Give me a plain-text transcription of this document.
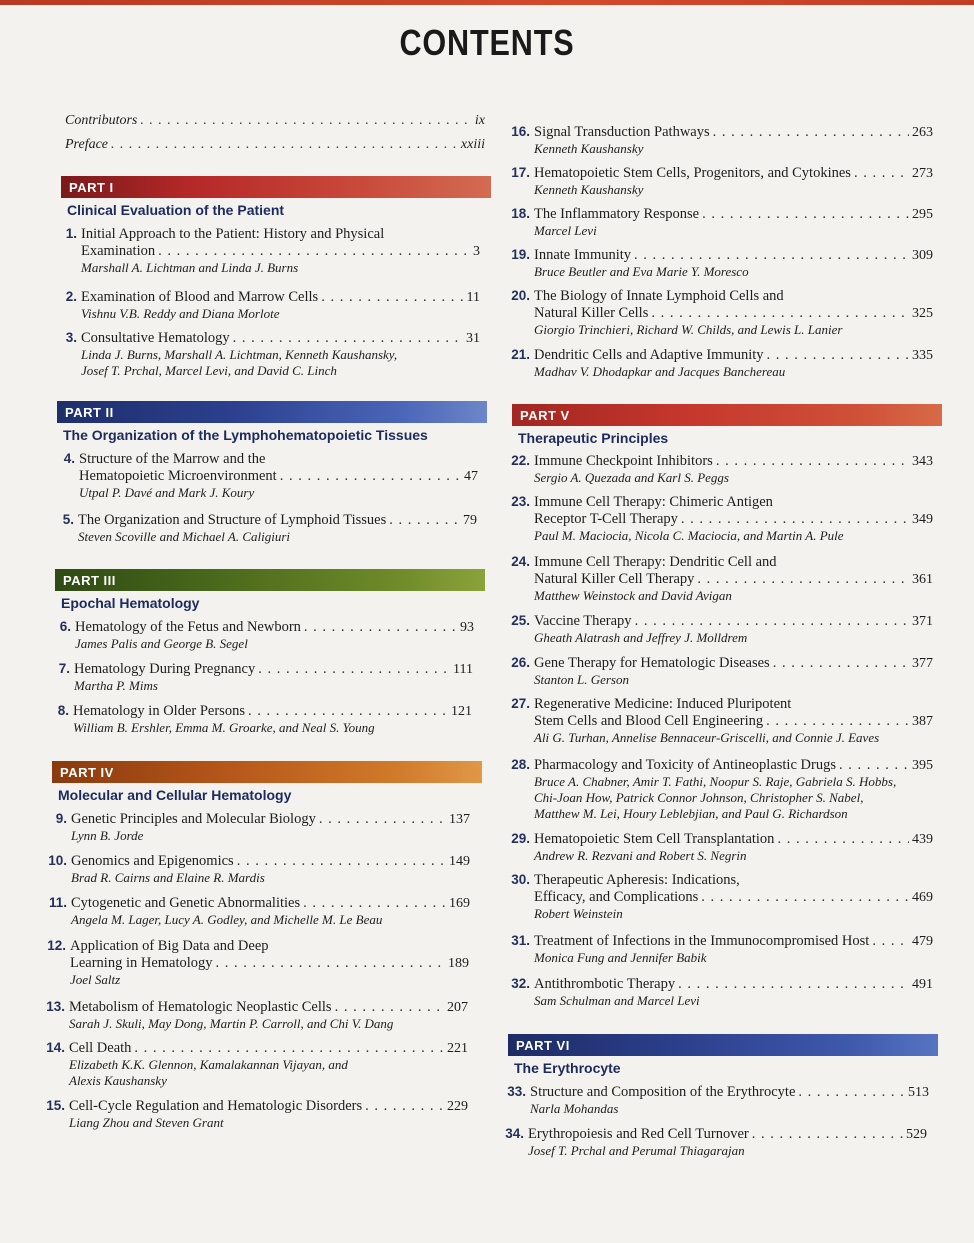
CONTENTS
Contributors . . .	ix
Preface . . .	xxiii
PART I
Clinical Evaluation of the Patient
1. Initial Approach to the Patient: History and Physical
Examination . . .	3
Marshall A. Lichtman and Linda J. Burns
2. Examination of Blood and Marrow Cells . . .	11
Vishnu V.B. Reddy and Diana Morlote
3. Consultative Hematology . . .	31
Linda J. Burns, Marshall A. Lichtman, Kenneth Kaushansky,
Josef T. Prchal, Marcel Levi, and David C. Linch
PART II
The Organization of the Lymphohematopoietic Tissues
4. Structure of the Marrow and the
Hematopoietic Microenvironment . . .	47
Utpal P. Davé and Mark J. Koury
5. The Organization and Structure of Lymphoid Tissues . . .	79
Steven Scoville and Michael A. Caligiuri
PART III
Epochal Hematology
6. Hematology of the Fetus and Newborn . . .	93
James Palis and George B. Segel
7. Hematology During Pregnancy . . .	111
Martha P. Mims
8. Hematology in Older Persons . . .	121
William B. Ershler, Emma M. Groarke, and Neal S. Young
PART IV
Molecular and Cellular Hematology
9. Genetic Principles and Molecular Biology . . .	137
Lynn B. Jorde
10. Genomics and Epigenomics . . .	149
Brad R. Cairns and Elaine R. Mardis
11. Cytogenetic and Genetic Abnormalities . . .	169
Angela M. Lager, Lucy A. Godley, and Michelle M. Le Beau
12. Application of Big Data and Deep
Learning in Hematology . . .	189
Joel Saltz
13. Metabolism of Hematologic Neoplastic Cells . . .	207
Sarah J. Skuli, May Dong, Martin P. Carroll, and Chi V. Dang
14. Cell Death . . .	221
Elizabeth K.K. Glennon, Kamalakannan Vijayan, and
Alexis Kaushansky
15. Cell-Cycle Regulation and Hematologic Disorders . . .	229
Liang Zhou and Steven Grant
16. Signal Transduction Pathways . . .	263
Kenneth Kaushansky
17. Hematopoietic Stem Cells, Progenitors, and Cytokines . . .	273
Kenneth Kaushansky
18. The Inflammatory Response . . .	295
Marcel Levi
19. Innate Immunity . . .	309
Bruce Beutler and Eva Marie Y. Moresco
20. The Biology of Innate Lymphoid Cells and
Natural Killer Cells . . .	325
Giorgio Trinchieri, Richard W. Childs, and Lewis L. Lanier
21. Dendritic Cells and Adaptive Immunity . . .	335
Madhav V. Dhodapkar and Jacques Banchereau
PART V
Therapeutic Principles
22. Immune Checkpoint Inhibitors . . .	343
Sergio A. Quezada and Karl S. Peggs
23. Immune Cell Therapy: Chimeric Antigen
Receptor T-Cell Therapy . . .	349
Paul M. Maciocia, Nicola C. Maciocia, and Martin A. Pule
24. Immune Cell Therapy: Dendritic Cell and
Natural Killer Cell Therapy . . .	361
Matthew Weinstock and David Avigan
25. Vaccine Therapy . . .	371
Gheath Alatrash and Jeffrey J. Molldrem
26. Gene Therapy for Hematologic Diseases . . .	377
Stanton L. Gerson
27. Regenerative Medicine: Induced Pluripotent
Stem Cells and Blood Cell Engineering . . .	387
Ali G. Turhan, Annelise Bennaceur-Griscelli, and Connie J. Eaves
28. Pharmacology and Toxicity of Antineoplastic Drugs . . .	395
Bruce A. Chabner, Amir T. Fathi, Noopur S. Raje, Gabriela S. Hobbs,
Chi-Joan How, Patrick Connor Johnson, Christopher S. Nabel,
Matthew M. Lei, Houry Leblebjian, and Paul G. Richardson
29. Hematopoietic Stem Cell Transplantation . . .	439
Andrew R. Rezvani and Robert S. Negrin
30. Therapeutic Apheresis: Indications,
Efficacy, and Complications . . .	469
Robert Weinstein
31. Treatment of Infections in the Immunocompromised Host . . .	479
Monica Fung and Jennifer Babik
32. Antithrombotic Therapy . . .	491
Sam Schulman and Marcel Levi
PART VI
The Erythrocyte
33. Structure and Composition of the Erythrocyte . . .	513
Narla Mohandas
34. Erythropoiesis and Red Cell Turnover . . .	529
Josef T. Prchal and Perumal Thiagarajan
